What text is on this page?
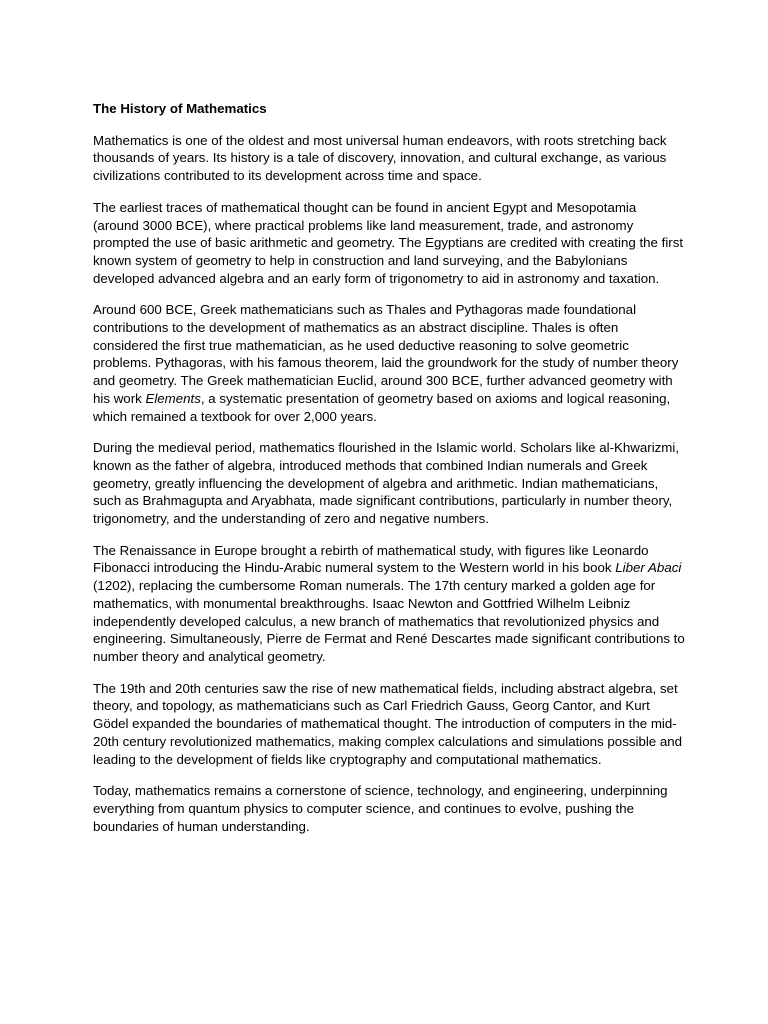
The History of Mathematics

Mathematics is one of the oldest and most universal human endeavors, with roots stretching back thousands of years. Its history is a tale of discovery, innovation, and cultural exchange, as various civilizations contributed to its development across time and space.

The earliest traces of mathematical thought can be found in ancient Egypt and Mesopotamia (around 3000 BCE), where practical problems like land measurement, trade, and astronomy prompted the use of basic arithmetic and geometry. The Egyptians are credited with creating the first known system of geometry to help in construction and land surveying, and the Babylonians developed advanced algebra and an early form of trigonometry to aid in astronomy and taxation.

Around 600 BCE, Greek mathematicians such as Thales and Pythagoras made foundational contributions to the development of mathematics as an abstract discipline. Thales is often considered the first true mathematician, as he used deductive reasoning to solve geometric problems. Pythagoras, with his famous theorem, laid the groundwork for the study of number theory and geometry. The Greek mathematician Euclid, around 300 BCE, further advanced geometry with his work Elements, a systematic presentation of geometry based on axioms and logical reasoning, which remained a textbook for over 2,000 years.

During the medieval period, mathematics flourished in the Islamic world. Scholars like al-Khwarizmi, known as the father of algebra, introduced methods that combined Indian numerals and Greek geometry, greatly influencing the development of algebra and arithmetic. Indian mathematicians, such as Brahmagupta and Aryabhata, made significant contributions, particularly in number theory, trigonometry, and the understanding of zero and negative numbers.

The Renaissance in Europe brought a rebirth of mathematical study, with figures like Leonardo Fibonacci introducing the Hindu-Arabic numeral system to the Western world in his book Liber Abaci (1202), replacing the cumbersome Roman numerals. The 17th century marked a golden age for mathematics, with monumental breakthroughs. Isaac Newton and Gottfried Wilhelm Leibniz independently developed calculus, a new branch of mathematics that revolutionized physics and engineering. Simultaneously, Pierre de Fermat and René Descartes made significant contributions to number theory and analytical geometry.

The 19th and 20th centuries saw the rise of new mathematical fields, including abstract algebra, set theory, and topology, as mathematicians such as Carl Friedrich Gauss, Georg Cantor, and Kurt Gödel expanded the boundaries of mathematical thought. The introduction of computers in the mid-20th century revolutionized mathematics, making complex calculations and simulations possible and leading to the development of fields like cryptography and computational mathematics.

Today, mathematics remains a cornerstone of science, technology, and engineering, underpinning everything from quantum physics to computer science, and continues to evolve, pushing the boundaries of human understanding.
